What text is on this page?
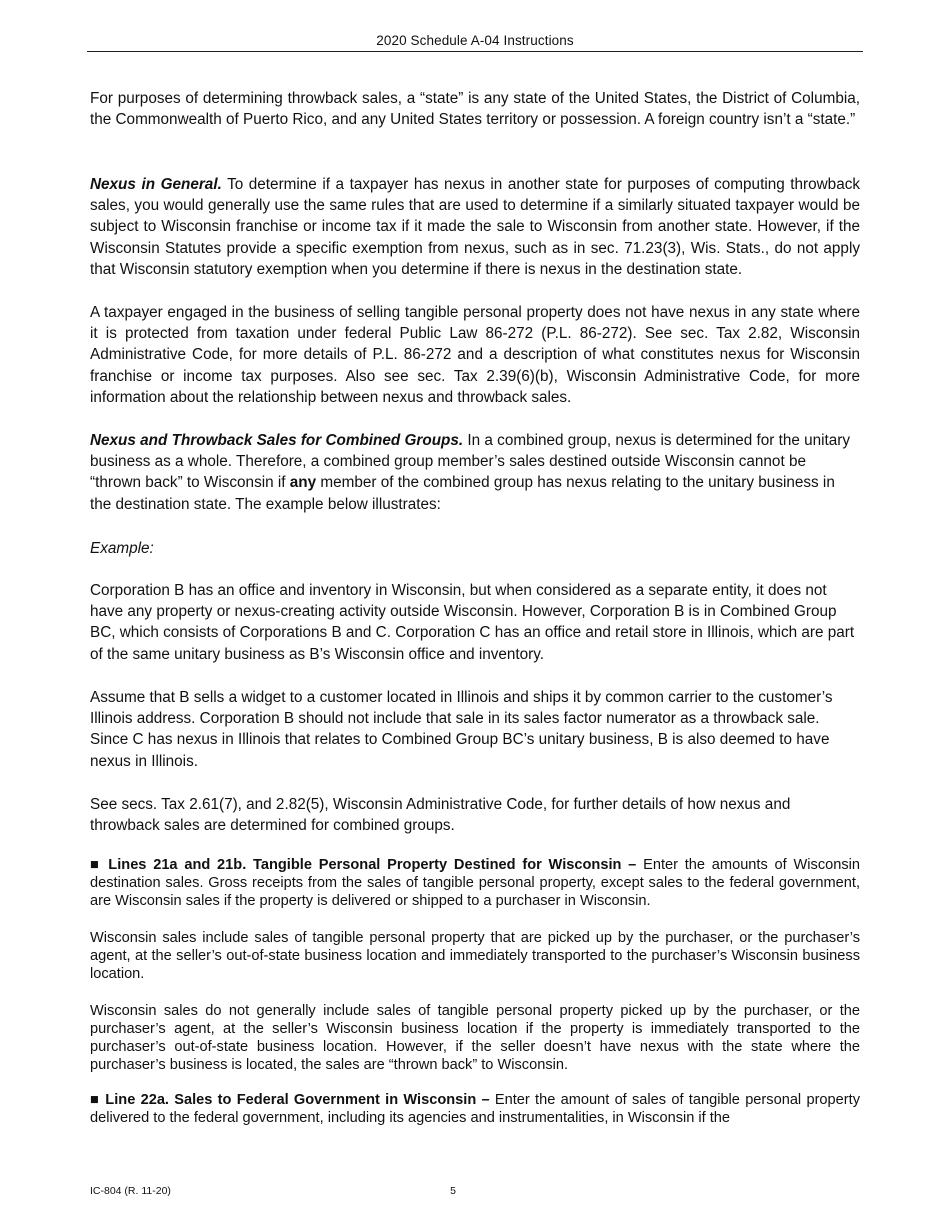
2020 Schedule A-04 Instructions

For purposes of determining throwback sales, a “state” is any state of the United States, the District of Columbia, the Commonwealth of Puerto Rico, and any United States territory or possession. A foreign country isn’t a “state.”

Nexus in General. To determine if a taxpayer has nexus in another state for purposes of computing throwback sales, you would generally use the same rules that are used to determine if a similarly situated taxpayer would be subject to Wisconsin franchise or income tax if it made the sale to Wisconsin from another state. However, if the Wisconsin Statutes provide a specific exemption from nexus, such as in sec. 71.23(3), Wis. Stats., do not apply that Wisconsin statutory exemption when you determine if there is nexus in the destination state.

A taxpayer engaged in the business of selling tangible personal property does not have nexus in any state where it is protected from taxation under federal Public Law 86-272 (P.L. 86-272). See sec. Tax 2.82, Wisconsin Administrative Code, for more details of P.L. 86-272 and a description of what constitutes nexus for Wisconsin franchise or income tax purposes. Also see sec. Tax 2.39(6)(b), Wisconsin Administrative Code, for more information about the relationship between nexus and throwback sales.

Nexus and Throwback Sales for Combined Groups. In a combined group, nexus is determined for the unitary business as a whole. Therefore, a combined group member’s sales destined outside Wisconsin cannot be “thrown back” to Wisconsin if any member of the combined group has nexus relating to the unitary business in the destination state. The example below illustrates:

Example:

Corporation B has an office and inventory in Wisconsin, but when considered as a separate entity, it does not have any property or nexus-creating activity outside Wisconsin. However, Corporation B is in Combined Group BC, which consists of Corporations B and C. Corporation C has an office and retail store in Illinois, which are part of the same unitary business as B’s Wisconsin office and inventory.

Assume that B sells a widget to a customer located in Illinois and ships it by common carrier to the customer’s Illinois address. Corporation B should not include that sale in its sales factor numerator as a throwback sale. Since C has nexus in Illinois that relates to Combined Group BC’s unitary business, B is also deemed to have nexus in Illinois.

See secs. Tax 2.61(7), and 2.82(5), Wisconsin Administrative Code, for further details of how nexus and throwback sales are determined for combined groups.

■ Lines 21a and 21b. Tangible Personal Property Destined for Wisconsin – Enter the amounts of Wisconsin destination sales. Gross receipts from the sales of tangible personal property, except sales to the federal government, are Wisconsin sales if the property is delivered or shipped to a purchaser in Wisconsin.

Wisconsin sales include sales of tangible personal property that are picked up by the purchaser, or the purchaser’s agent, at the seller’s out-of-state business location and immediately transported to the purchaser’s Wisconsin business location.

Wisconsin sales do not generally include sales of tangible personal property picked up by the purchaser, or the purchaser’s agent, at the seller’s Wisconsin business location if the property is immediately transported to the purchaser’s out-of-state business location. However, if the seller doesn’t have nexus with the state where the purchaser’s business is located, the sales are “thrown back” to Wisconsin.

■ Line 22a. Sales to Federal Government in Wisconsin – Enter the amount of sales of tangible personal property delivered to the federal government, including its agencies and instrumentalities, in Wisconsin if the

IC-804 (R. 11-20)	5
